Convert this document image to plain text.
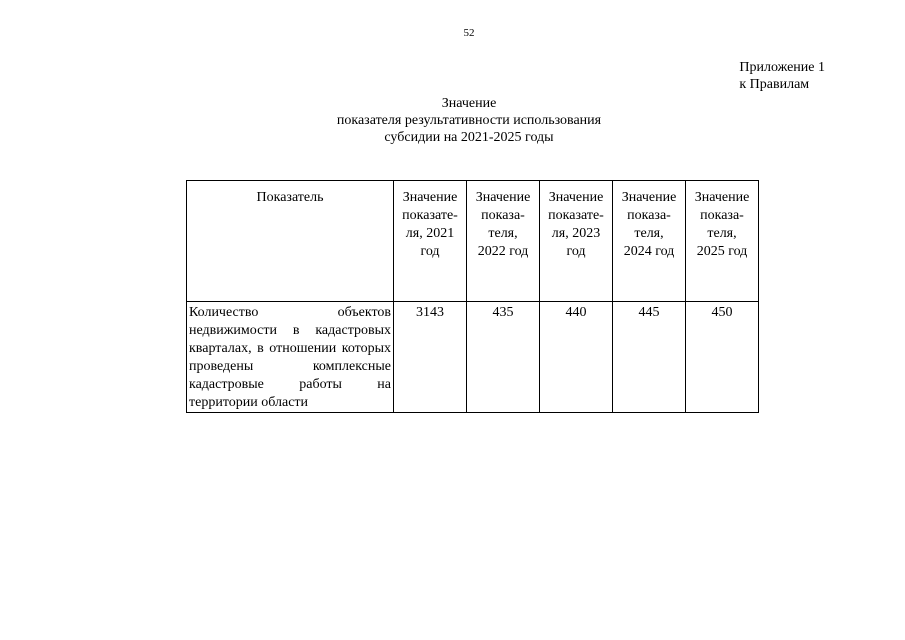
52
Приложение 1
к Правилам
Значение
показателя результативности использования
субсидии на 2021-2025 годы
Показатель	Значение
показате-
ля, 2021
год	Значение
показа-
теля,
2022 год	Значение
показате-
ля, 2023
год	Значение
показа-
теля,
2024 год	Значение
показа-
теля,
2025 год

Количество объектов недвижимости в кадастровых кварталах, в отношении которых проведены комплексные кадастровые работы на территории области	3143	435	440	445	450
